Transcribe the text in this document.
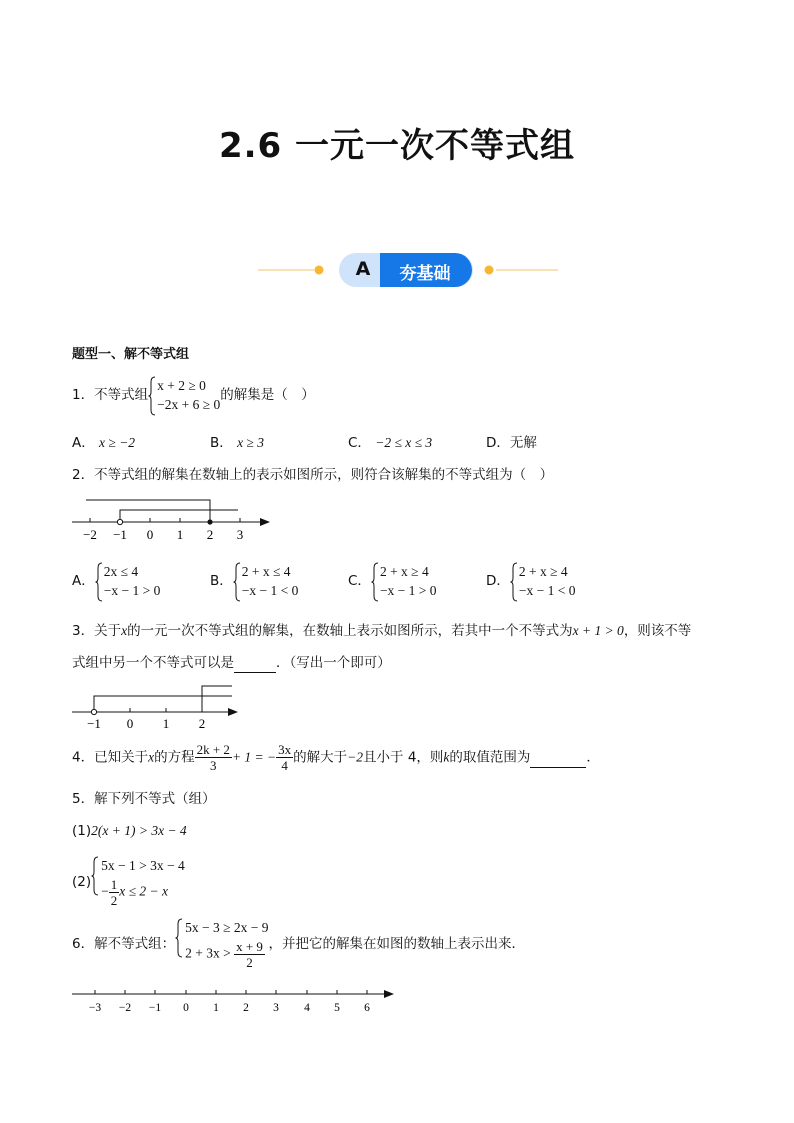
2.6 一元一次不等式组
A	夯基础
题型一、解不等式组
1．不等式组
x + 2 ≥ 0
−2x + 6 ≥ 0
的解集是（　）
A． x ≥ −2	B． x ≥ 3	C． −2 ≤ x ≤ 3	D．无解
2．不等式组的解集在数轴上的表示如图所示，则符合该解集的不等式组为（　）
−2 −1 0 1 2 3
A．
2x ≤ 4
−x − 1 > 0
B．
2 + x ≤ 4
−x − 1 < 0
C．
2 + x ≥ 4
−x − 1 > 0
D．
2 + x ≥ 4
−x − 1 < 0
3．关于x的一元一次不等式组的解集，在数轴上表示如图所示，若其中一个不等式为x + 1 > 0，则该不等
式组中另一个不等式可以是	．（写出一个即可）
−1 0 1 2
4．已知关于x的方程 $\frac{2k + 2}{3} + 1$ = − $\frac{3x}{4}$ 的解大于−2且小于 4，则k的取值范围为	．
5．解下列不等式（组）
(1)2(x + 1) > 3x − 4
(2)
5x − 1 > 3x − 4
− $\frac{1}{2}$ x ≤ 2 − x
6．解不等式组：
5x − 3 ≥ 2x − 9
$2 + 3x > \frac{x + 9}{2}$ ，并把它的解集在如图的数轴上表示出来．
−3 −2 −1 0 1 2 3 4 5 6
